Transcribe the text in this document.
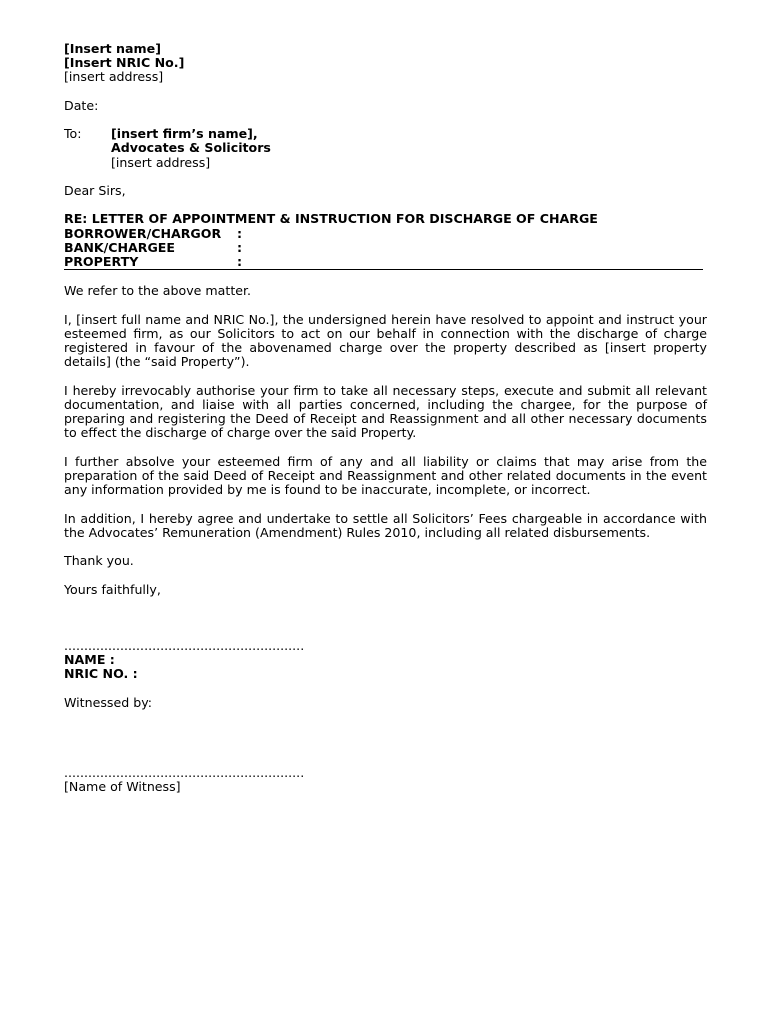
[Insert name]
[Insert NRIC No.]
[insert address]
Date:
To:	[insert firm’s name],
Advocates & Solicitors
[insert address]
Dear Sirs,
RE: LETTER OF APPOINTMENT & INSTRUCTION FOR DISCHARGE OF CHARGE
BORROWER/CHARGOR	:
BANK/CHARGEE	:
PROPERTY	:

We refer to the above matter.

I, [insert full name and NRIC No.], the undersigned herein have resolved to appoint and instruct your esteemed firm, as our Solicitors to act on our behalf in connection with the discharge of charge registered in favour of the abovenamed charge over the property described as [insert property details] (the “said Property”).

I hereby irrevocably authorise your firm to take all necessary steps, execute and submit all relevant documentation, and liaise with all parties concerned, including the chargee, for the purpose of preparing and registering the Deed of Receipt and Reassignment and all other necessary documents to effect the discharge of charge over the said Property.

I further absolve your esteemed firm of any and all liability or claims that may arise from the preparation of the said Deed of Receipt and Reassignment and other related documents in the event any information provided by me is found to be inaccurate, incomplete, or incorrect.

In addition, I hereby agree and undertake to settle all Solicitors’ Fees chargeable in accordance with the Advocates’ Remuneration (Amendment) Rules 2010, including all related disbursements.

Thank you.
Yours faithfully,
............................................................
NAME :
NRIC NO. :
Witnessed by:
............................................................
[Name of Witness]
